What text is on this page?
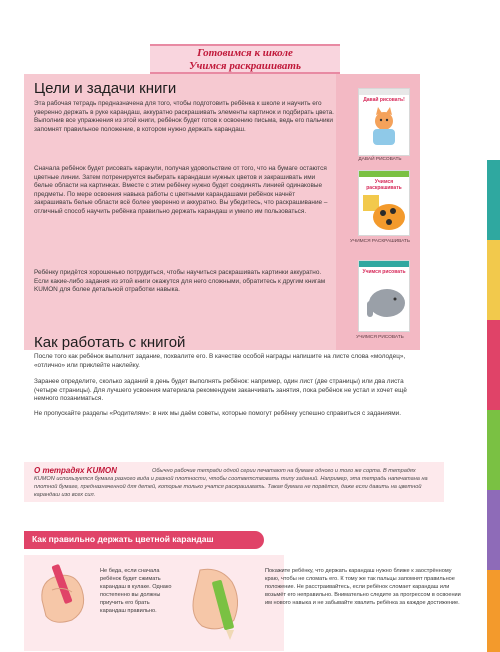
Готовимся к школе
Учимся раскрашивать
Цели и задачи книги

Эта рабочая тетрадь предназначена для того, чтобы подготовить ребёнка к школе и научить его уверенно держать в руке карандаш, аккуратно раскрашивать элементы картинок и подбирать цвета. Выполнив все упражнения из этой книги, ребёнок будет готов к освоению письма, ведь его пальчики запомнят правильное положение, в котором нужно держать карандаш.

Сначала ребёнок будет рисовать каракули, получая удовольствие от того, что на бумаге остаются цветные линии. Затем потренируется выбирать карандаши нужных цветов и закрашивать ими белые области на картинках. Вместе с этим ребёнку нужно будет соединять линией одинаковые предметы. По мере освоения навыка работы с цветными карандашами ребёнок начнёт закрашивать белые области всё более уверенно и аккуратно. Вы убедитесь, что раскрашивание – отличный способ научить ребёнка правильно держать карандаш и умело им пользоваться.

Ребёнку придётся хорошенько потрудиться, чтобы научиться раскрашивать картинки аккуратно. Если какие-либо задания из этой книги окажутся для него сложными, обратитесь к другим книгам KUMON для более детальной отработки навыка.

Давай рисовать!
ДАВАЙ РИСОВАТЬ
Учимся раскрашивать
УЧИМСЯ РАСКРАШИВАТЬ
Учимся рисовать
УЧИМСЯ РИСОВАТЬ
Как работать с книгой

После того как ребёнок выполнит задание, похвалите его. В качестве особой награды напишите на листе слова «молодец», «отлично» или приклейте наклейку.

Заранее определите, сколько заданий в день будет выполнять ребёнок: например, один лист (две страницы) или два листа (четыре страницы). Для лучшего усвоения материала рекомендуем заканчивать занятия, пока ребёнок не устал и хочет ещё немного позаниматься.

Не пропускайте разделы «Родителям»: в них мы даём советы, которые помогут ребёнку успешно справиться с заданиями.

О тетрадях KUMON	Обычно рабочие тетради одной серии печатают на бумаге одного и того же сорта. В тетрадях KUMON используется бумага разного вида и разной плотности, чтобы соответствовать типу заданий. Например, эта тетрадь напечатана на плотной бумаге, предназначенной для детей, которые только учатся раскрашивать. Такая бумага не порвётся, даже если давить на цветной карандаш изо всех сил.

Как правильно держать цветной карандаш

Не беда, если сначала ребёнок будет сжимать карандаш в кулаке. Однако постепенно вы должны приучить его брать карандаш правильно.

Покажите ребёнку, что держать карандаш нужно ближе к заострённому краю, чтобы не сломать его. К тому же так пальцы запомнят правильное положение. Не расстраивайтесь, если ребёнок сломает карандаш или возьмёт его неправильно. Внимательно следите за прогрессом в освоении им нового навыка и не забывайте хвалить ребёнка за каждое достижение.
